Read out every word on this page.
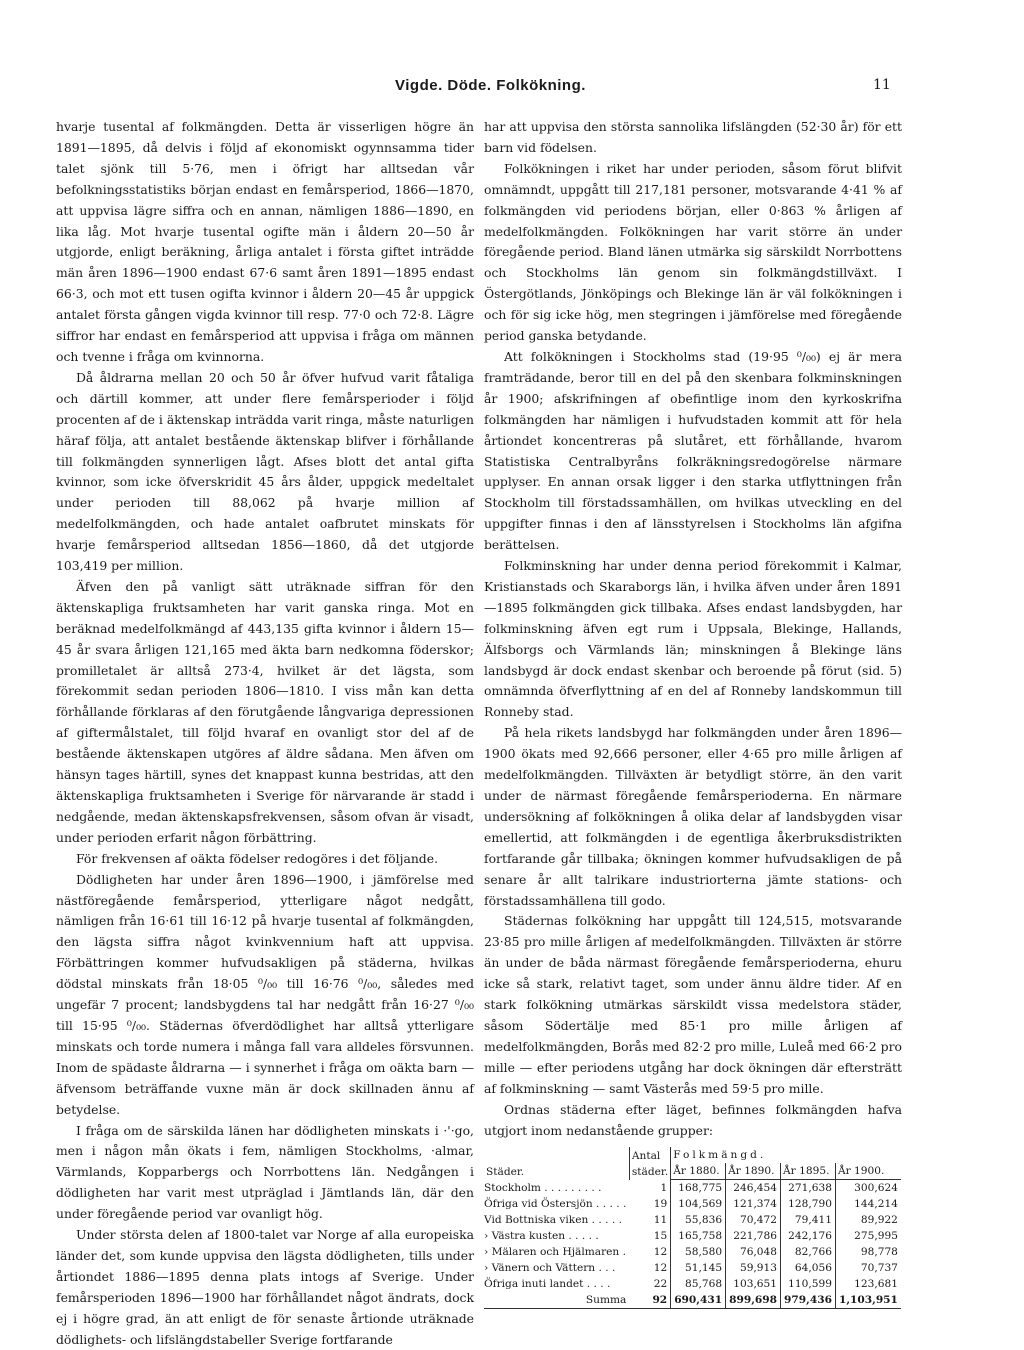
Vigde. Döde. Folkökning.	11

hvarje tusental af folkmängden. Detta är visserligen högre än 1891—1895, då delvis i följd af ekonomiskt ogynnsamma tider talet sjönk till 5·76, men i öfrigt har alltsedan vår befolkningsstatistiks början endast en femårsperiod, 1866—1870, att uppvisa lägre siffra och en annan, nämligen 1886—1890, en lika låg. Mot hvarje tusental ogifte män i åldern 20—50 år utgjorde, enligt beräkning, årliga antalet i första giftet inträdde män åren 1896—1900 endast 67·6 samt åren 1891—1895 endast 66·3, och mot ett tusen ogifta kvinnor i åldern 20—45 år uppgick antalet första gången vigda kvinnor till resp. 77·0 och 72·8. Lägre siffror har endast en femårsperiod att uppvisa i fråga om männen och tvenne i fråga om kvinnorna.

Då åldrarna mellan 20 och 50 år öfver hufvud varit fåtaliga och därtill kommer, att under flere femårsperioder i följd procenten af de i äktenskap inträdda varit ringa, måste naturligen häraf följa, att antalet bestående äktenskap blifver i förhållande till folkmängden synnerligen lågt. Afses blott det antal gifta kvinnor, som icke öfverskridit 45 års ålder, uppgick medeltalet under perioden till 88,062 på hvarje million af medelfolkmängden, och hade antalet oafbrutet minskats för hvarje femårsperiod alltsedan 1856—1860, då det utgjorde 103,419 per million.

Äfven den på vanligt sätt uträknade siffran för den äktenskapliga fruktsamheten har varit ganska ringa. Mot en beräknad medelfolkmängd af 443,135 gifta kvinnor i åldern 15—45 år svara årligen 121,165 med äkta barn nedkomna föderskor; promilletalet är alltså 273·4, hvilket är det lägsta, som förekommit sedan perioden 1806—1810. I viss mån kan detta förhållande förklaras af den förutgående långvariga depressionen af giftermålstalet, till följd hvaraf en ovanligt stor del af de bestående äktenskapen utgöres af äldre sådana. Men äfven om hänsyn tages härtill, synes det knappast kunna bestridas, att den äktenskapliga fruktsamheten i Sverige för närvarande är stadd i nedgående, medan äktenskapsfrekvensen, såsom ofvan är visadt, under perioden erfarit någon förbättring.

För frekvensen af oäkta födelser redogöres i det följande.

Dödligheten har under åren 1896—1900, i jämförelse med nästföregående femårsperiod, ytterligare något nedgått, nämligen från 16·61 till 16·12 på hvarje tusental af folkmängden, den lägsta siffra något kvinkvennium haft att uppvisa. Förbättringen kommer hufvudsakligen på städerna, hvilkas dödstal minskats från 18·05 ⁰/₀₀ till 16·76 ⁰/₀₀, således med ungefär 7 procent; landsbygdens tal har nedgått från 16·27 ⁰/₀₀ till 15·95 ⁰/₀₀. Städernas öfverdödlighet har alltså ytterligare minskats och torde numera i många fall vara alldeles försvunnen. Inom de spädaste åldrarna — i synnerhet i fråga om oäkta barn — äfvensom beträffande vuxne män är dock skillnaden ännu af betydelse.

I fråga om de särskilda länen har dödligheten minskats i ·'·go, men i någon mån ökats i fem, nämligen Stockholms, ·almar, Värmlands, Kopparbergs och Norrbottens län. Nedgången i dödligheten har varit mest utpräglad i Jämtlands län, där den under föregående period var ovanligt hög.

Under största delen af 1800-talet var Norge af alla europeiska länder det, som kunde uppvisa den lägsta dödligheten, tills under årtiondet 1886—1895 denna plats intogs af Sverige. Under femårsperioden 1896—1900 har förhållandet något ändrats, dock ej i högre grad, än att enligt de för senaste årtionde uträknade dödlighets- och lifslängdstabeller Sverige fortfarande

har att uppvisa den största sannolika lifslängden (52·30 år) för ett barn vid födelsen.

Folkökningen i riket har under perioden, såsom förut blifvit omnämndt, uppgått till 217,181 personer, motsvarande 4·41 % af folkmängden vid periodens början, eller 0·863 % årligen af medelfolkmängden. Folkökningen har varit större än under föregående period. Bland länen utmärka sig särskildt Norrbottens och Stockholms län genom sin folkmängdstillväxt. I Östergötlands, Jönköpings och Blekinge län är väl folkökningen i och för sig icke hög, men stegringen i jämförelse med föregående period ganska betydande.

Att folkökningen i Stockholms stad (19·95 ⁰/₀₀) ej är mera framträdande, beror till en del på den skenbara folkminskningen år 1900; afskrifningen af obefintlige inom den kyrkoskrifna folkmängden har nämligen i hufvudstaden kommit att för hela årtiondet koncentreras på slutåret, ett förhållande, hvarom Statistiska Centralbyråns folkräkningsredogörelse närmare upplyser. En annan orsak ligger i den starka utflyttningen från Stockholm till förstadssamhällen, om hvilkas utveckling en del uppgifter finnas i den af länsstyrelsen i Stockholms län afgifna berättelsen.

Folkminskning har under denna period förekommit i Kalmar, Kristianstads och Skaraborgs län, i hvilka äfven under åren 1891—1895 folkmängden gick tillbaka. Afses endast landsbygden, har folkminskning äfven egt rum i Uppsala, Blekinge, Hallands, Älfsborgs och Värmlands län; minskningen å Blekinge läns landsbygd är dock endast skenbar och beroende på förut (sid. 5) omnämnda öfverflyttning af en del af Ronneby landskommun till Ronneby stad.

På hela rikets landsbygd har folkmängden under åren 1896—1900 ökats med 92,666 personer, eller 4·65 pro mille årligen af medelfolkmängden. Tillväxten är betydligt större, än den varit under de närmast föregående femårsperioderna. En närmare undersökning af folkökningen å olika delar af landsbygden visar emellertid, att folkmängden i de egentliga åkerbruksdistrikten fortfarande går tillbaka; ökningen kommer hufvudsakligen de på senare år allt talrikare industriorterna jämte stations- och förstadssamhällena till godo.

Städernas folkökning har uppgått till 124,515, motsvarande 23·85 pro mille årligen af medelfolkmängden. Tillväxten är större än under de båda närmast föregående femårsperioderna, ehuru icke så stark, relativt taget, som under ännu äldre tider. Af en stark folkökning utmärkas särskildt vissa medelstora städer, såsom Södertälje med 85·1 pro mille årligen af medelfolkmängden, Borås med 82·2 pro mille, Luleå med 66·2 pro mille — efter periodens utgång har dock ökningen där eftersträtt af folkminskning — samt Västerås med 59·5 pro mille.

Ordnas städerna efter läget, befinnes folkmängden hafva utgjort inom nedanstående grupper:

Städer.	Antal städer.	Folkmängd.			
		År 1880.	År 1890.	År 1895.	År 1900.
Stockholm . . . . . . . . .	1	168,775	246,454	271,638	300,624
Öfriga vid Östersjön . . . . .	19	104,569	121,374	128,790	144,214
Vid Bottniska viken . . . . .	11	55,836	70,472	79,411	89,922
› Västra kusten . . . . .	15	165,758	221,786	242,176	275,995
› Mälaren och Hjälmaren .	12	58,580	76,048	82,766	98,778
› Vänern och Vättern . . .	12	51,145	59,913	64,056	70,737
Öfriga inuti landet . . . .	22	85,768	103,651	110,599	123,681
Summa	92	690,431	899,698	979,436	1,103,951
